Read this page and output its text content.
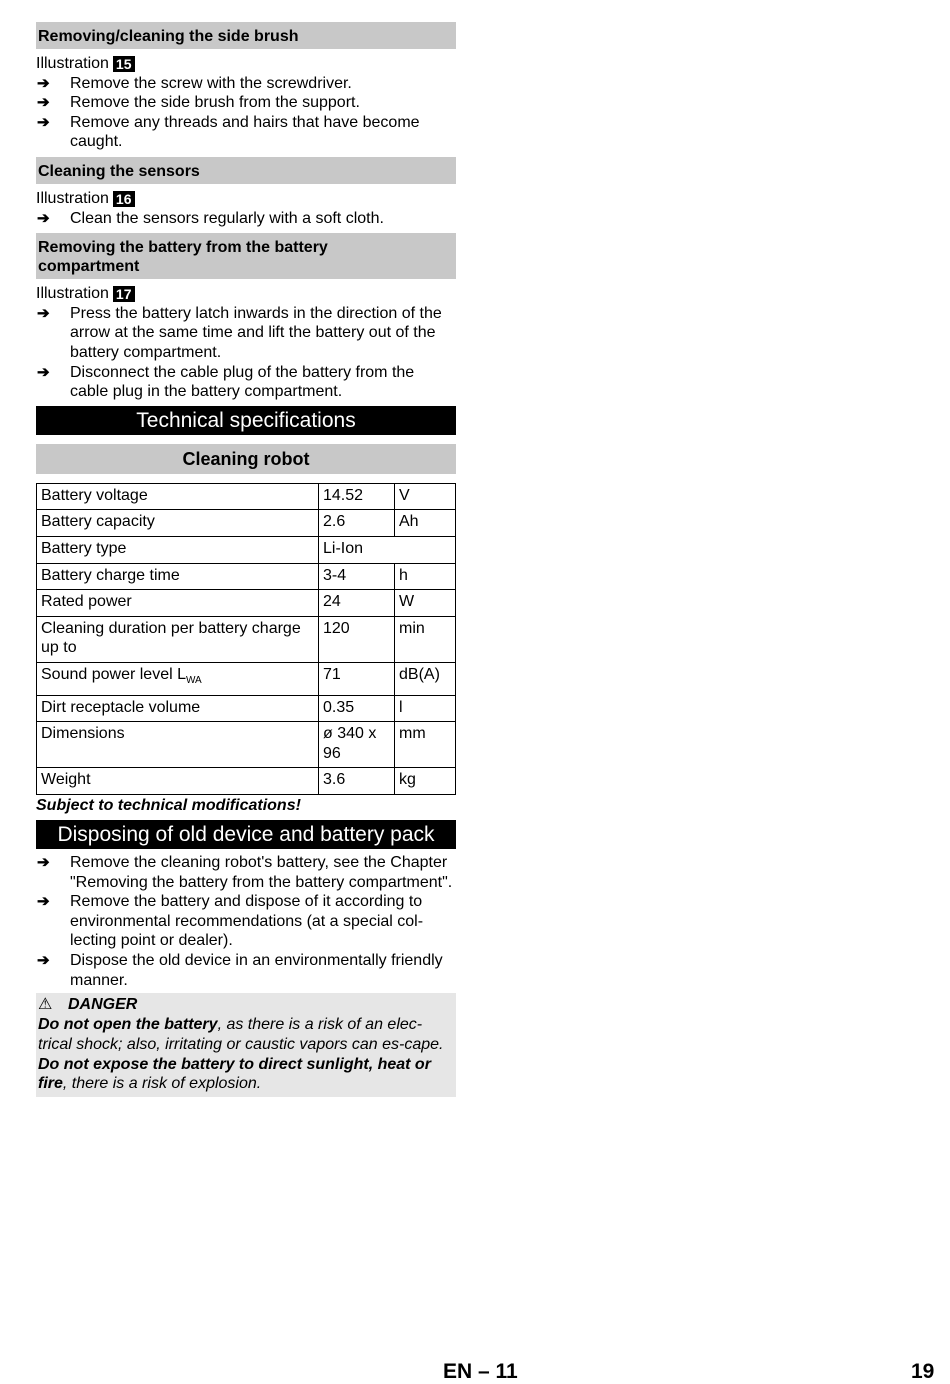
Removing/cleaning the side brush
Illustration 15
➔ Remove the screw with the screwdriver.
➔ Remove the side brush from the support.
➔ Remove any threads and hairs that have become caught.
Cleaning the sensors
Illustration 16
➔ Clean the sensors regularly with a soft cloth.
Removing the battery from the battery compartment
Illustration 17
➔ Press the battery latch inwards in the direction of the arrow at the same time and lift the battery out of the battery compartment.
➔ Disconnect the cable plug of the battery from the cable plug in the battery compartment.
Technical specifications
Cleaning robot
Battery voltage	14.52	V
Battery capacity	2.6	Ah
Battery type	Li-Ion	
Battery charge time	3-4	h
Rated power	24	W
Cleaning duration per battery charge up to	120	min
Sound power level $L_{WA}$	71	dB(A)
Dirt receptacle volume	0.35	l
Dimensions	ø 340 x 96	mm
Weight	3.6	kg
Subject to technical modifications!
Disposing of old device and battery pack
➔ Remove the cleaning robot's battery, see the Chapter "Removing the battery from the battery compartment".
➔ Remove the battery and dispose of it according to environmental recommendations (at a special col-lecting point or dealer).
➔ Dispose the old device in an environmentally friendly manner.
⚠ DANGER
Do not open the battery, as there is a risk of an elec-trical shock; also, irritating or caustic vapors can es-cape.
Do not expose the battery to direct sunlight, heat or fire, there is a risk of explosion.
EN – 11	19
